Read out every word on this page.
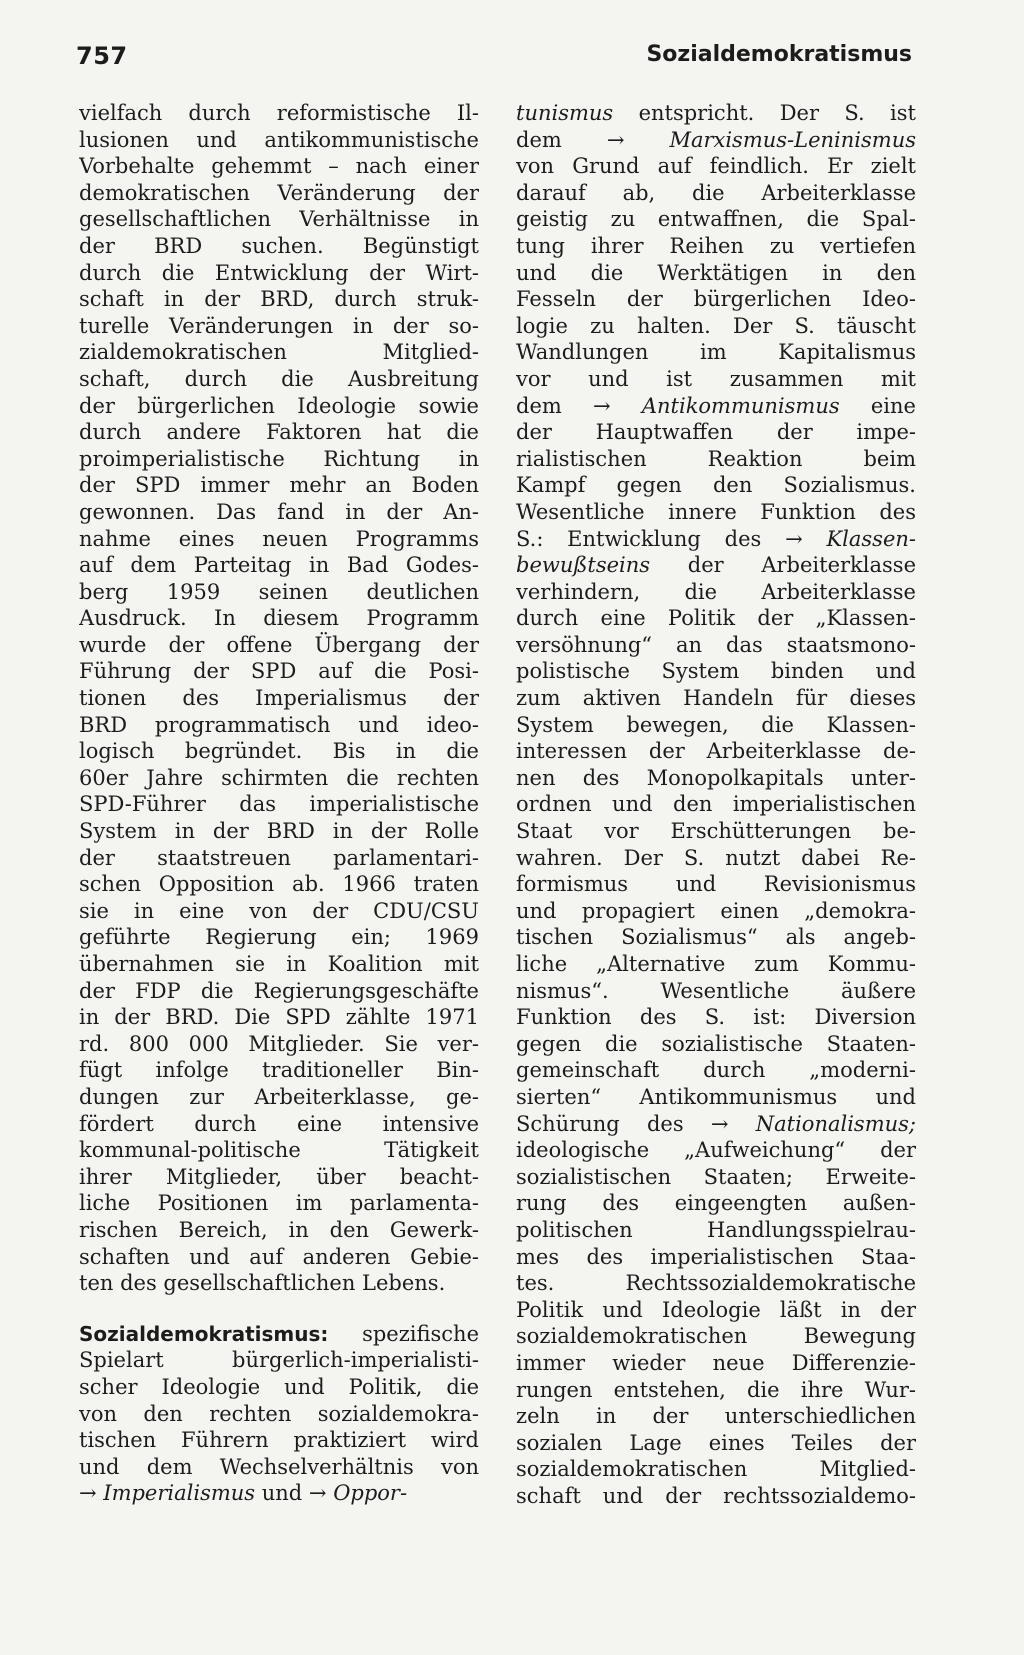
757	Sozialdemokratismus
vielfach durch reformistische Il-
lusionen und antikommunistische
Vorbehalte gehemmt – nach einer
demokratischen Veränderung der
gesellschaftlichen Verhältnisse in
der BRD suchen. Begünstigt
durch die Entwicklung der Wirt-
schaft in der BRD, durch struk-
turelle Veränderungen in der so-
zialdemokratischen Mitglied-
schaft, durch die Ausbreitung
der bürgerlichen Ideologie sowie
durch andere Faktoren hat die
proimperialistische Richtung in
der SPD immer mehr an Boden
gewonnen. Das fand in der An-
nahme eines neuen Programms
auf dem Parteitag in Bad Godes-
berg 1959 seinen deutlichen
Ausdruck. In diesem Programm
wurde der offene Übergang der
Führung der SPD auf die Posi-
tionen des Imperialismus der
BRD programmatisch und ideo-
logisch begründet. Bis in die
60er Jahre schirmten die rechten
SPD-Führer das imperialistische
System in der BRD in der Rolle
der staatstreuen parlamentari-
schen Opposition ab. 1966 traten
sie in eine von der CDU/CSU
geführte Regierung ein; 1969
übernahmen sie in Koalition mit
der FDP die Regierungsgeschäfte
in der BRD. Die SPD zählte 1971
rd. 800 000 Mitglieder. Sie ver-
fügt infolge traditioneller Bin-
dungen zur Arbeiterklasse, ge-
fördert durch eine intensive
kommunal-politische Tätigkeit
ihrer Mitglieder, über beacht-
liche Positionen im parlamenta-
rischen Bereich, in den Gewerk-
schaften und auf anderen Gebie-
ten des gesellschaftlichen Lebens.
Sozialdemokratismus: spezifische
Spielart bürgerlich-imperialisti-
scher Ideologie und Politik, die
von den rechten sozialdemokra-
tischen Führern praktiziert wird
und dem Wechselverhältnis von
→ Imperialismus und → Oppor-
tunismus entspricht. Der S. ist
dem → Marxismus-Leninismus
von Grund auf feindlich. Er zielt
darauf ab, die Arbeiterklasse
geistig zu entwaffnen, die Spal-
tung ihrer Reihen zu vertiefen
und die Werktätigen in den
Fesseln der bürgerlichen Ideo-
logie zu halten. Der S. täuscht
Wandlungen im Kapitalismus
vor und ist zusammen mit
dem → Antikommunismus eine
der Hauptwaffen der impe-
rialistischen Reaktion beim
Kampf gegen den Sozialismus.
Wesentliche innere Funktion des
S.: Entwicklung des → Klassen-
bewußtseins der Arbeiterklasse
verhindern, die Arbeiterklasse
durch eine Politik der „Klassen-
versöhnung“ an das staatsmono-
polistische System binden und
zum aktiven Handeln für dieses
System bewegen, die Klassen-
interessen der Arbeiterklasse de-
nen des Monopolkapitals unter-
ordnen und den imperialistischen
Staat vor Erschütterungen be-
wahren. Der S. nutzt dabei Re-
formismus und Revisionismus
und propagiert einen „demokra-
tischen Sozialismus“ als angeb-
liche „Alternative zum Kommu-
nismus“. Wesentliche äußere
Funktion des S. ist: Diversion
gegen die sozialistische Staaten-
gemeinschaft durch „moderni-
sierten“ Antikommunismus und
Schürung des → Nationalismus;
ideologische „Aufweichung“ der
sozialistischen Staaten; Erweite-
rung des eingeengten außen-
politischen Handlungsspielrau-
mes des imperialistischen Staa-
tes. Rechtssozialdemokratische
Politik und Ideologie läßt in der
sozialdemokratischen Bewegung
immer wieder neue Differenzie-
rungen entstehen, die ihre Wur-
zeln in der unterschiedlichen
sozialen Lage eines Teiles der
sozialdemokratischen Mitglied-
schaft und der rechtssozialdemo-
